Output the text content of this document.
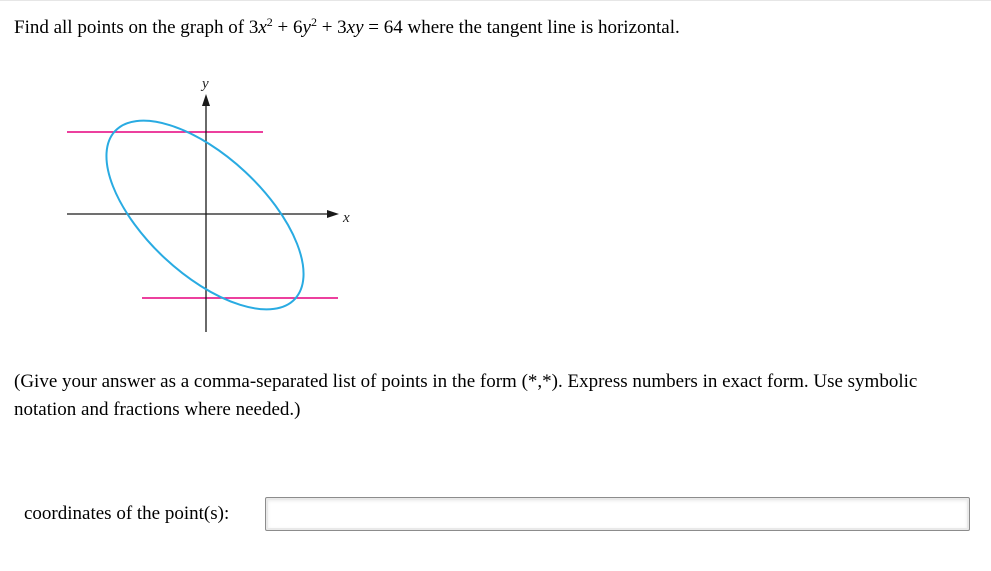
Find all points on the graph of $3x^2 + 6y^2 + 3xy = 64$ where the tangent line is horizontal.
x
y
(Give your answer as a comma-separated list of points in the form (*,*). Express numbers in exact form. Use symbolic notation and fractions where needed.)
coordinates of the point(s):
